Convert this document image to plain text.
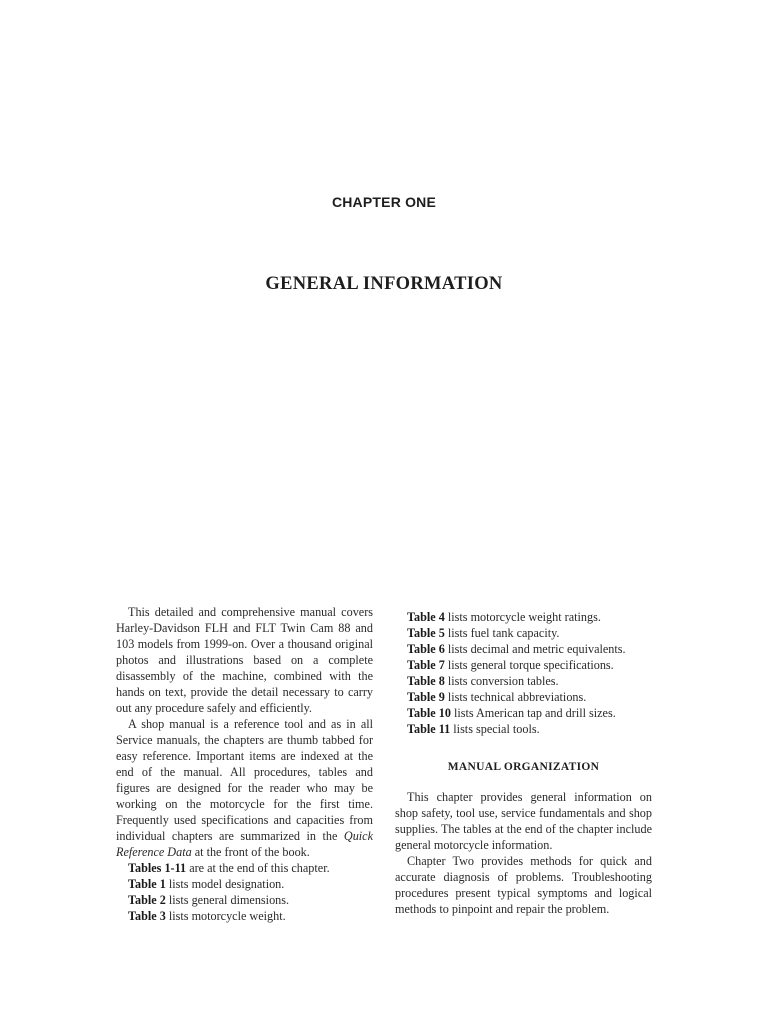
CHAPTER ONE
GENERAL INFORMATION

This detailed and comprehensive manual covers Harley-Davidson FLH and FLT Twin Cam 88 and 103 models from 1999-on. Over a thousand original photos and illustrations based on a complete disassembly of the machine, combined with the hands on text, provide the detail necessary to carry out any procedure safely and efficiently.

A shop manual is a reference tool and as in all Service manuals, the chapters are thumb tabbed for easy reference. Important items are indexed at the end of the manual. All procedures, tables and figures are designed for the reader who may be working on the motorcycle for the first time. Frequently used specifications and capacities from individual chapters are summarized in the Quick Reference Data at the front of the book.

Tables 1-11 are at the end of this chapter.

Table 1 lists model designation.

Table 2 lists general dimensions.

Table 3 lists motorcycle weight.

Table 4 lists motorcycle weight ratings.

Table 5 lists fuel tank capacity.

Table 6 lists decimal and metric equivalents.

Table 7 lists general torque specifications.

Table 8 lists conversion tables.

Table 9 lists technical abbreviations.

Table 10 lists American tap and drill sizes.

Table 11 lists special tools.

MANUAL ORGANIZATION

This chapter provides general information on shop safety, tool use, service fundamentals and shop supplies. The tables at the end of the chapter include general motorcycle information.

Chapter Two provides methods for quick and accurate diagnosis of problems. Troubleshooting procedures present typical symptoms and logical methods to pinpoint and repair the problem.
